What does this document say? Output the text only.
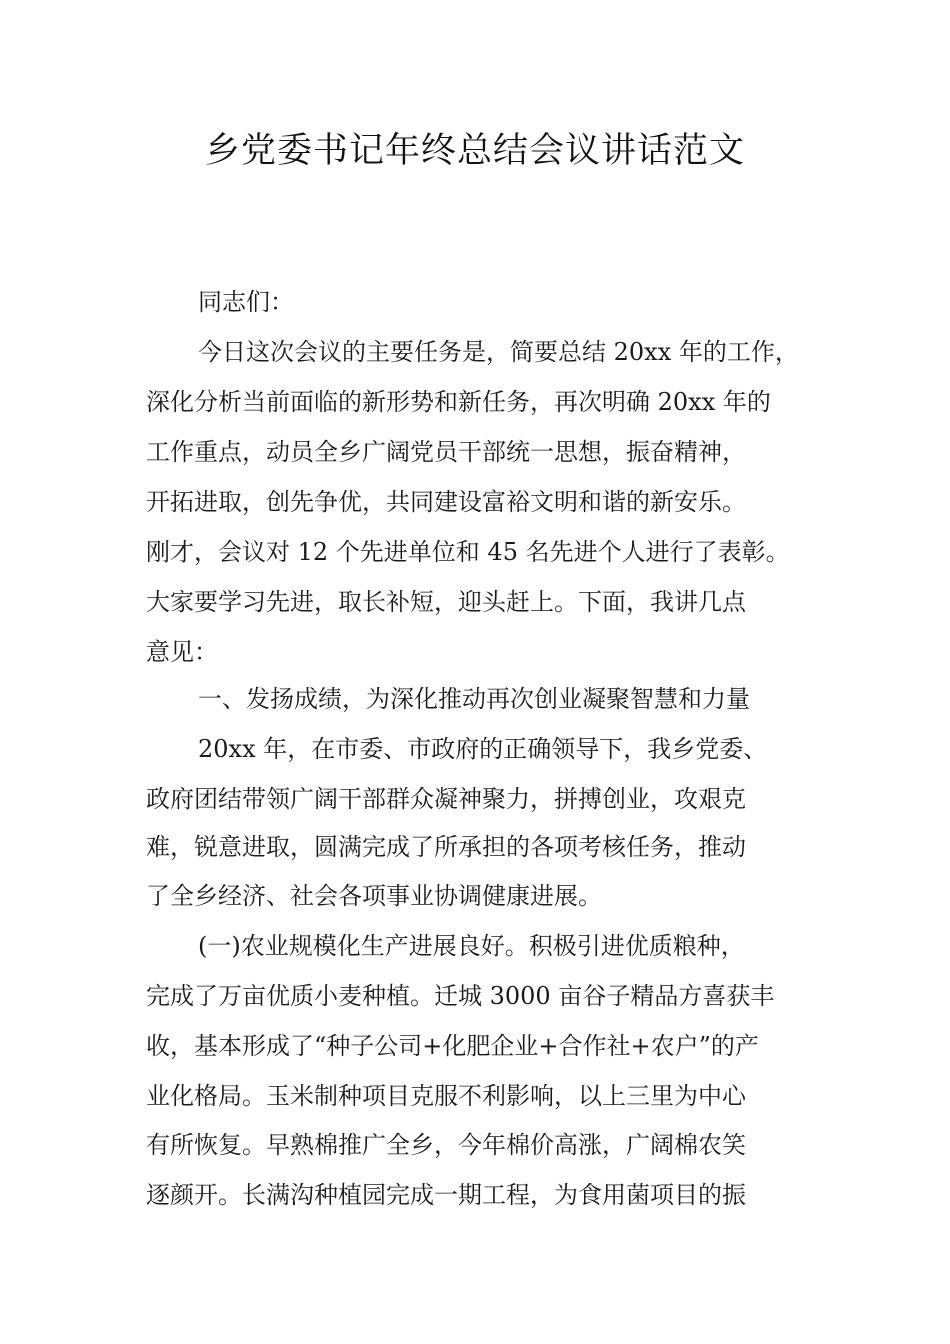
乡党委书记年终总结会议讲话范文
同志们：
今日这次会议的主要任务是，简要总结 20xx 年的工作，
深化分析当前面临的新形势和新任务，再次明确 20xx 年的
工作重点，动员全乡广阔党员干部统一思想，振奋精神，
开拓进取，创先争优，共同建设富裕文明和谐的新安乐。
刚才，会议对 12 个先进单位和 45 名先进个人进行了表彰。
大家要学习先进，取长补短，迎头赶上。下面，我讲几点
意见：
一、发扬成绩，为深化推动再次创业凝聚智慧和力量
20xx 年，在市委、市政府的正确领导下，我乡党委、
政府团结带领广阔干部群众凝神聚力，拼搏创业，攻艰克
难，锐意进取，圆满完成了所承担的各项考核任务，推动
了全乡经济、社会各项事业协调健康进展。
(一)农业规模化生产进展良好。积极引进优质粮种，
完成了万亩优质小麦种植。迁城 3000 亩谷子精品方喜获丰
收，基本形成了“种子公司+化肥企业+合作社+农户”的产
业化格局。玉米制种项目克服不利影响，以上三里为中心
有所恢复。早熟棉推广全乡，今年棉价高涨，广阔棉农笑
逐颜开。长满沟种植园完成一期工程，为食用菌项目的振
